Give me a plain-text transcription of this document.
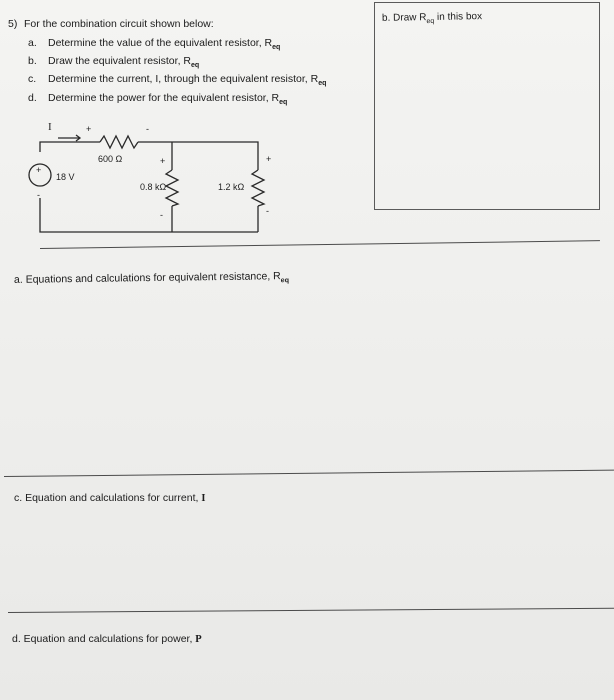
5) For the combination circuit shown below:
a. Determine the value of the equivalent resistor, $R_{eq}$
b. Draw the equivalent resistor, $R_{eq}$
c. Determine the current, I, through the equivalent resistor, $R_{eq}$
d. Determine the power for the equivalent resistor, $R_{eq}$
b. Draw $R_{eq}$ in this box
+
-
18 V
I	+	-
600 Ω	+
0.8 kΩ
-
+
1.2 kΩ
-
a. Equations and calculations for equivalent resistance, $R_{eq}$
c. Equation and calculations for current, I
d. Equation and calculations for power, P
